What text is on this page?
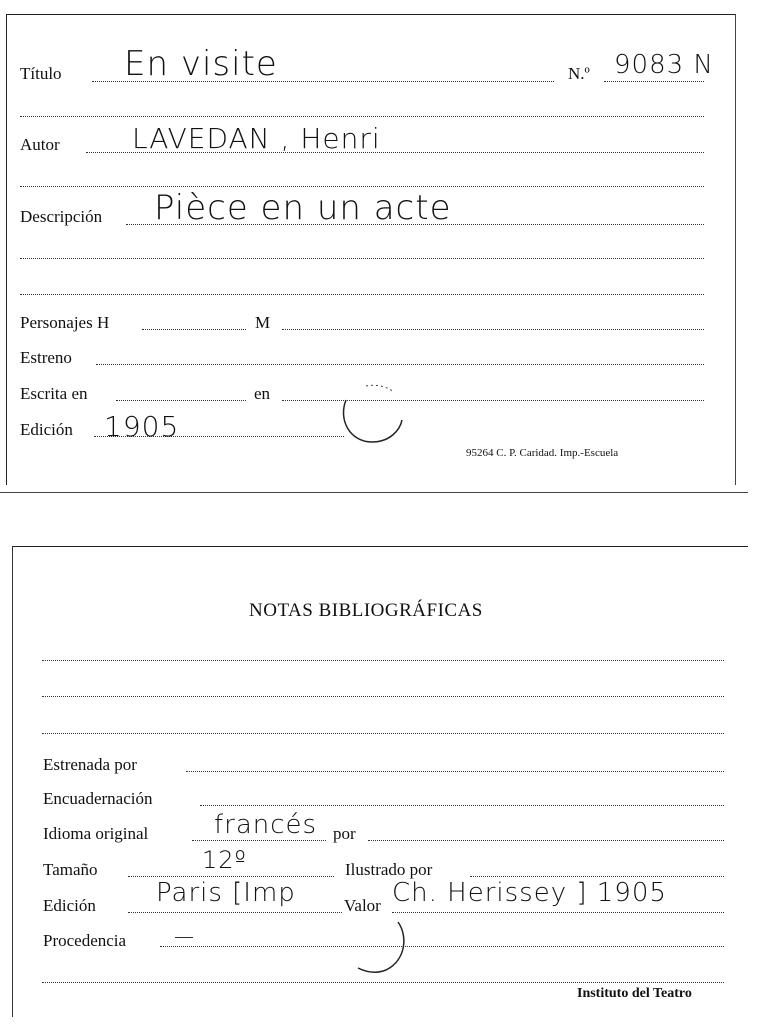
Título En visite	N.º 9083 N
Autor	LAVEDAN , Henri
Descripción Pièce en un acte
Personajes H	M
Estreno
Escrita en	en
Edición 1905
95264 C. P. Caridad. Imp.-Escuela
NOTAS BIBLIOGRÁFICAS
Estrenada por
Encuadernación
Idioma original	francés por
Tamaño	12º	Ilustrado por
Edición Paris [Imp	Valor Ch. Herissey ] 1905
Procedencia —
Instituto del Teatro
